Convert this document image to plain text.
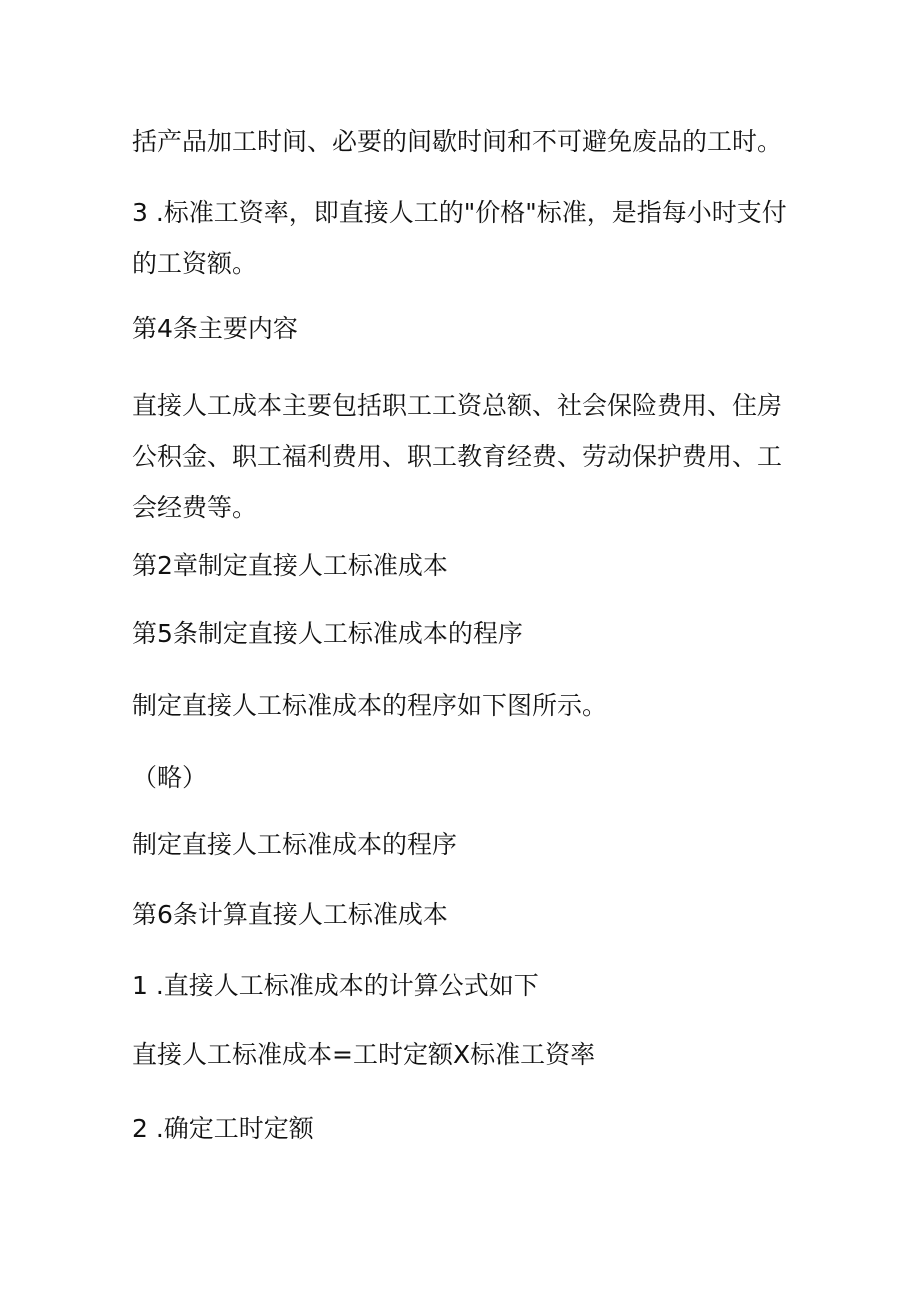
括产品加工时间、必要的间歇时间和不可避免废品的工时。

3 .标准工资率，即直接人工的"价格"标准，是指每小时支付的工资额。

第4条主要内容

直接人工成本主要包括职工工资总额、社会保险费用、住房公积金、职工福利费用、职工教育经费、劳动保护费用、工会经费等。

第2章制定直接人工标准成本

第5条制定直接人工标准成本的程序

制定直接人工标准成本的程序如下图所示。

（略）

制定直接人工标准成本的程序

第6条计算直接人工标准成本

1 .直接人工标准成本的计算公式如下

直接人工标准成本=工时定额X标准工资率

2 .确定工时定额
